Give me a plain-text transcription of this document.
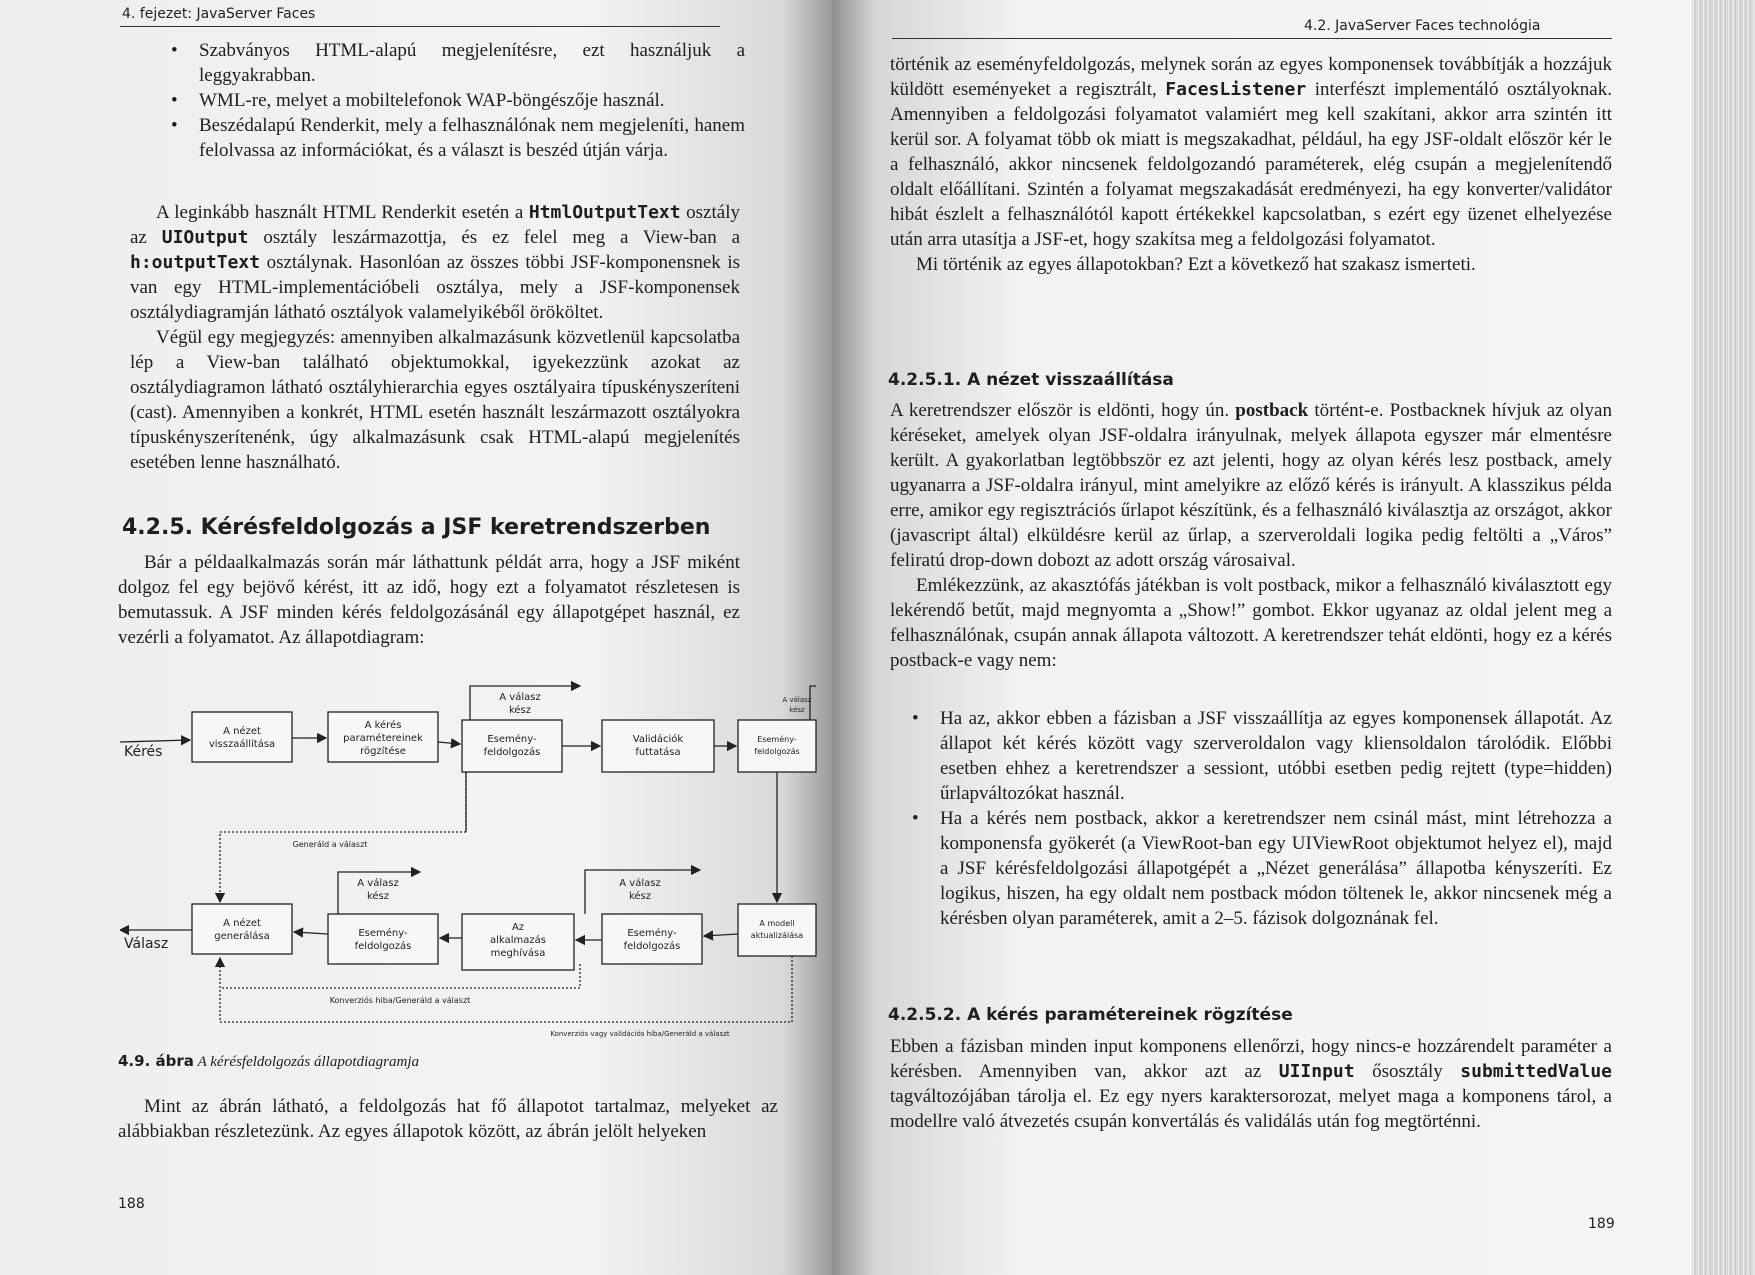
4. fejezet: JavaServer Faces

• Szabványos HTML-alapú megjelenítésre, ezt használjuk a leggyakrabban.

• WML-re, melyet a mobiltelefonok WAP-böngészője használ.

• Beszédalapú Renderkit, mely a felhasználónak nem megjeleníti, hanem felolvassa az információkat, és a választ is beszéd útján várja.

A leginkább használt HTML Renderkit esetén a HtmlOutputText osztály az UIOutput osztály leszármazottja, és ez felel meg a View-ban a h:outputText osztálynak. Hasonlóan az összes többi JSF-komponensnek is van egy HTML-implementációbeli osztálya, mely a JSF-komponensek osztálydiagramján látható osztályok valamelyikéből örököltet.

Végül egy megjegyzés: amennyiben alkalmazásunk közvetlenül kapcsolatba lép a View-ban található objektumokkal, igyekezzünk azokat az osztálydiagramon látható osztályhierarchia egyes osztályaira típuskényszeríteni (cast). Amennyiben a konkrét, HTML esetén használt leszármazott osztályokra típuskényszerítenénk, úgy alkalmazásunk csak HTML-alapú megjelenítés esetében lenne használható.

4.2.5. Kérésfeldolgozás a JSF keretrendszerben

Bár a példaalkalmazás során már láthattunk példát arra, hogy a JSF miként dolgoz fel egy bejövő kérést, itt az idő, hogy ezt a folyamatot részletesen is bemutassuk. A JSF minden kérés feldolgozásánál egy állapotgépet használ, ez vezérli a folyamatot. Az állapotdiagram:

Kérés
Válasz
A nézet
visszaállítása
A kérés
paramétereinek
rögzítése
Esemény-
feldolgozás
Validációk
futtatása
Esemény-
feldolgozás
A nézet
generálása	Esemény-
feldolgozás
Az
alkalmazás
meghívása
Esemény-
feldolgozás
A modell
aktualizálása
A válasz
kész
A válasz
kész
A válasz
kész
A válasz
kész
Generáld a választ
Konverziós hiba/Generáld a választ
Konverziós vagy validációs hiba/Generáld a választ
4.9. ábra A kérésfeldolgozás állapotdiagramja

Mint az ábrán látható, a feldolgozás hat fő állapotot tartalmaz, melyeket az alábbiakban részletezünk. Az egyes állapotok között, az ábrán jelölt helyeken

188
4.2. JavaServer Faces technológia

történik az eseményfeldolgozás, melynek során az egyes komponensek továbbítják a hozzájuk küldött eseményeket a regisztrált, FacesListener interfészt implementáló osztályoknak. Amennyiben a feldolgozási folyamatot valamiért meg kell szakítani, akkor arra szintén itt kerül sor. A folyamat több ok miatt is megszakadhat, például, ha egy JSF-oldalt először kér le a felhasználó, akkor nincsenek feldolgozandó paraméterek, elég csupán a megjelenítendő oldalt előállítani. Szintén a folyamat megszakadását eredményezi, ha egy konverter/validátor hibát észlelt a felhasználótól kapott értékekkel kapcsolatban, s ezért egy üzenet elhelyezése után arra utasítja a JSF-et, hogy szakítsa meg a feldolgozási folyamatot.

Mi történik az egyes állapotokban? Ezt a következő hat szakasz ismerteti.

4.2.5.1. A nézet visszaállítása

A keretrendszer először is eldönti, hogy ún. postback történt-e. Postbacknek hívjuk az olyan kéréseket, amelyek olyan JSF-oldalra irányulnak, melyek állapota egyszer már elmentésre került. A gyakorlatban legtöbbször ez azt jelenti, hogy az olyan kérés lesz postback, amely ugyanarra a JSF-oldalra irányul, mint amelyikre az előző kérés is irányult. A klasszikus példa erre, amikor egy regisztrációs űrlapot készítünk, és a felhasználó kiválasztja az országot, akkor (javascript által) elküldésre kerül az űrlap, a szerveroldali logika pedig feltölti a „Város” feliratú drop-down dobozt az adott ország városaival.

Emlékezzünk, az akasztófás játékban is volt postback, mikor a felhasználó kiválasztott egy lekérendő betűt, majd megnyomta a „Show!” gombot. Ekkor ugyanaz az oldal jelent meg a felhasználónak, csupán annak állapota változott. A keretrendszer tehát eldönti, hogy ez a kérés postback-e vagy nem:

• Ha az, akkor ebben a fázisban a JSF visszaállítja az egyes komponensek állapotát. Az állapot két kérés között vagy szerveroldalon vagy kliensoldalon tárolódik. Előbbi esetben ehhez a keretrendszer a sessiont, utóbbi esetben pedig rejtett (type=hidden) űrlapváltozókat használ.

• Ha a kérés nem postback, akkor a keretrendszer nem csinál mást, mint létrehozza a komponensfa gyökerét (a ViewRoot-ban egy UIViewRoot objektumot helyez el), majd a JSF kérésfeldolgozási állapotgépét a „Nézet generálása” állapotba kényszeríti. Ez logikus, hiszen, ha egy oldalt nem postback módon töltenek le, akkor nincsenek még a kérésben olyan paraméterek, amit a 2–5. fázisok dolgoznának fel.

4.2.5.2. A kérés paramétereinek rögzítése

Ebben a fázisban minden input komponens ellenőrzi, hogy nincs-e hozzárendelt paraméter a kérésben. Amennyiben van, akkor azt az UIInput ősosztály submittedValue tagváltozójában tárolja el. Ez egy nyers karaktersorozat, melyet maga a komponens tárol, a modellre való átvezetés csupán konvertálás és validálás után fog megtörténni.

189
